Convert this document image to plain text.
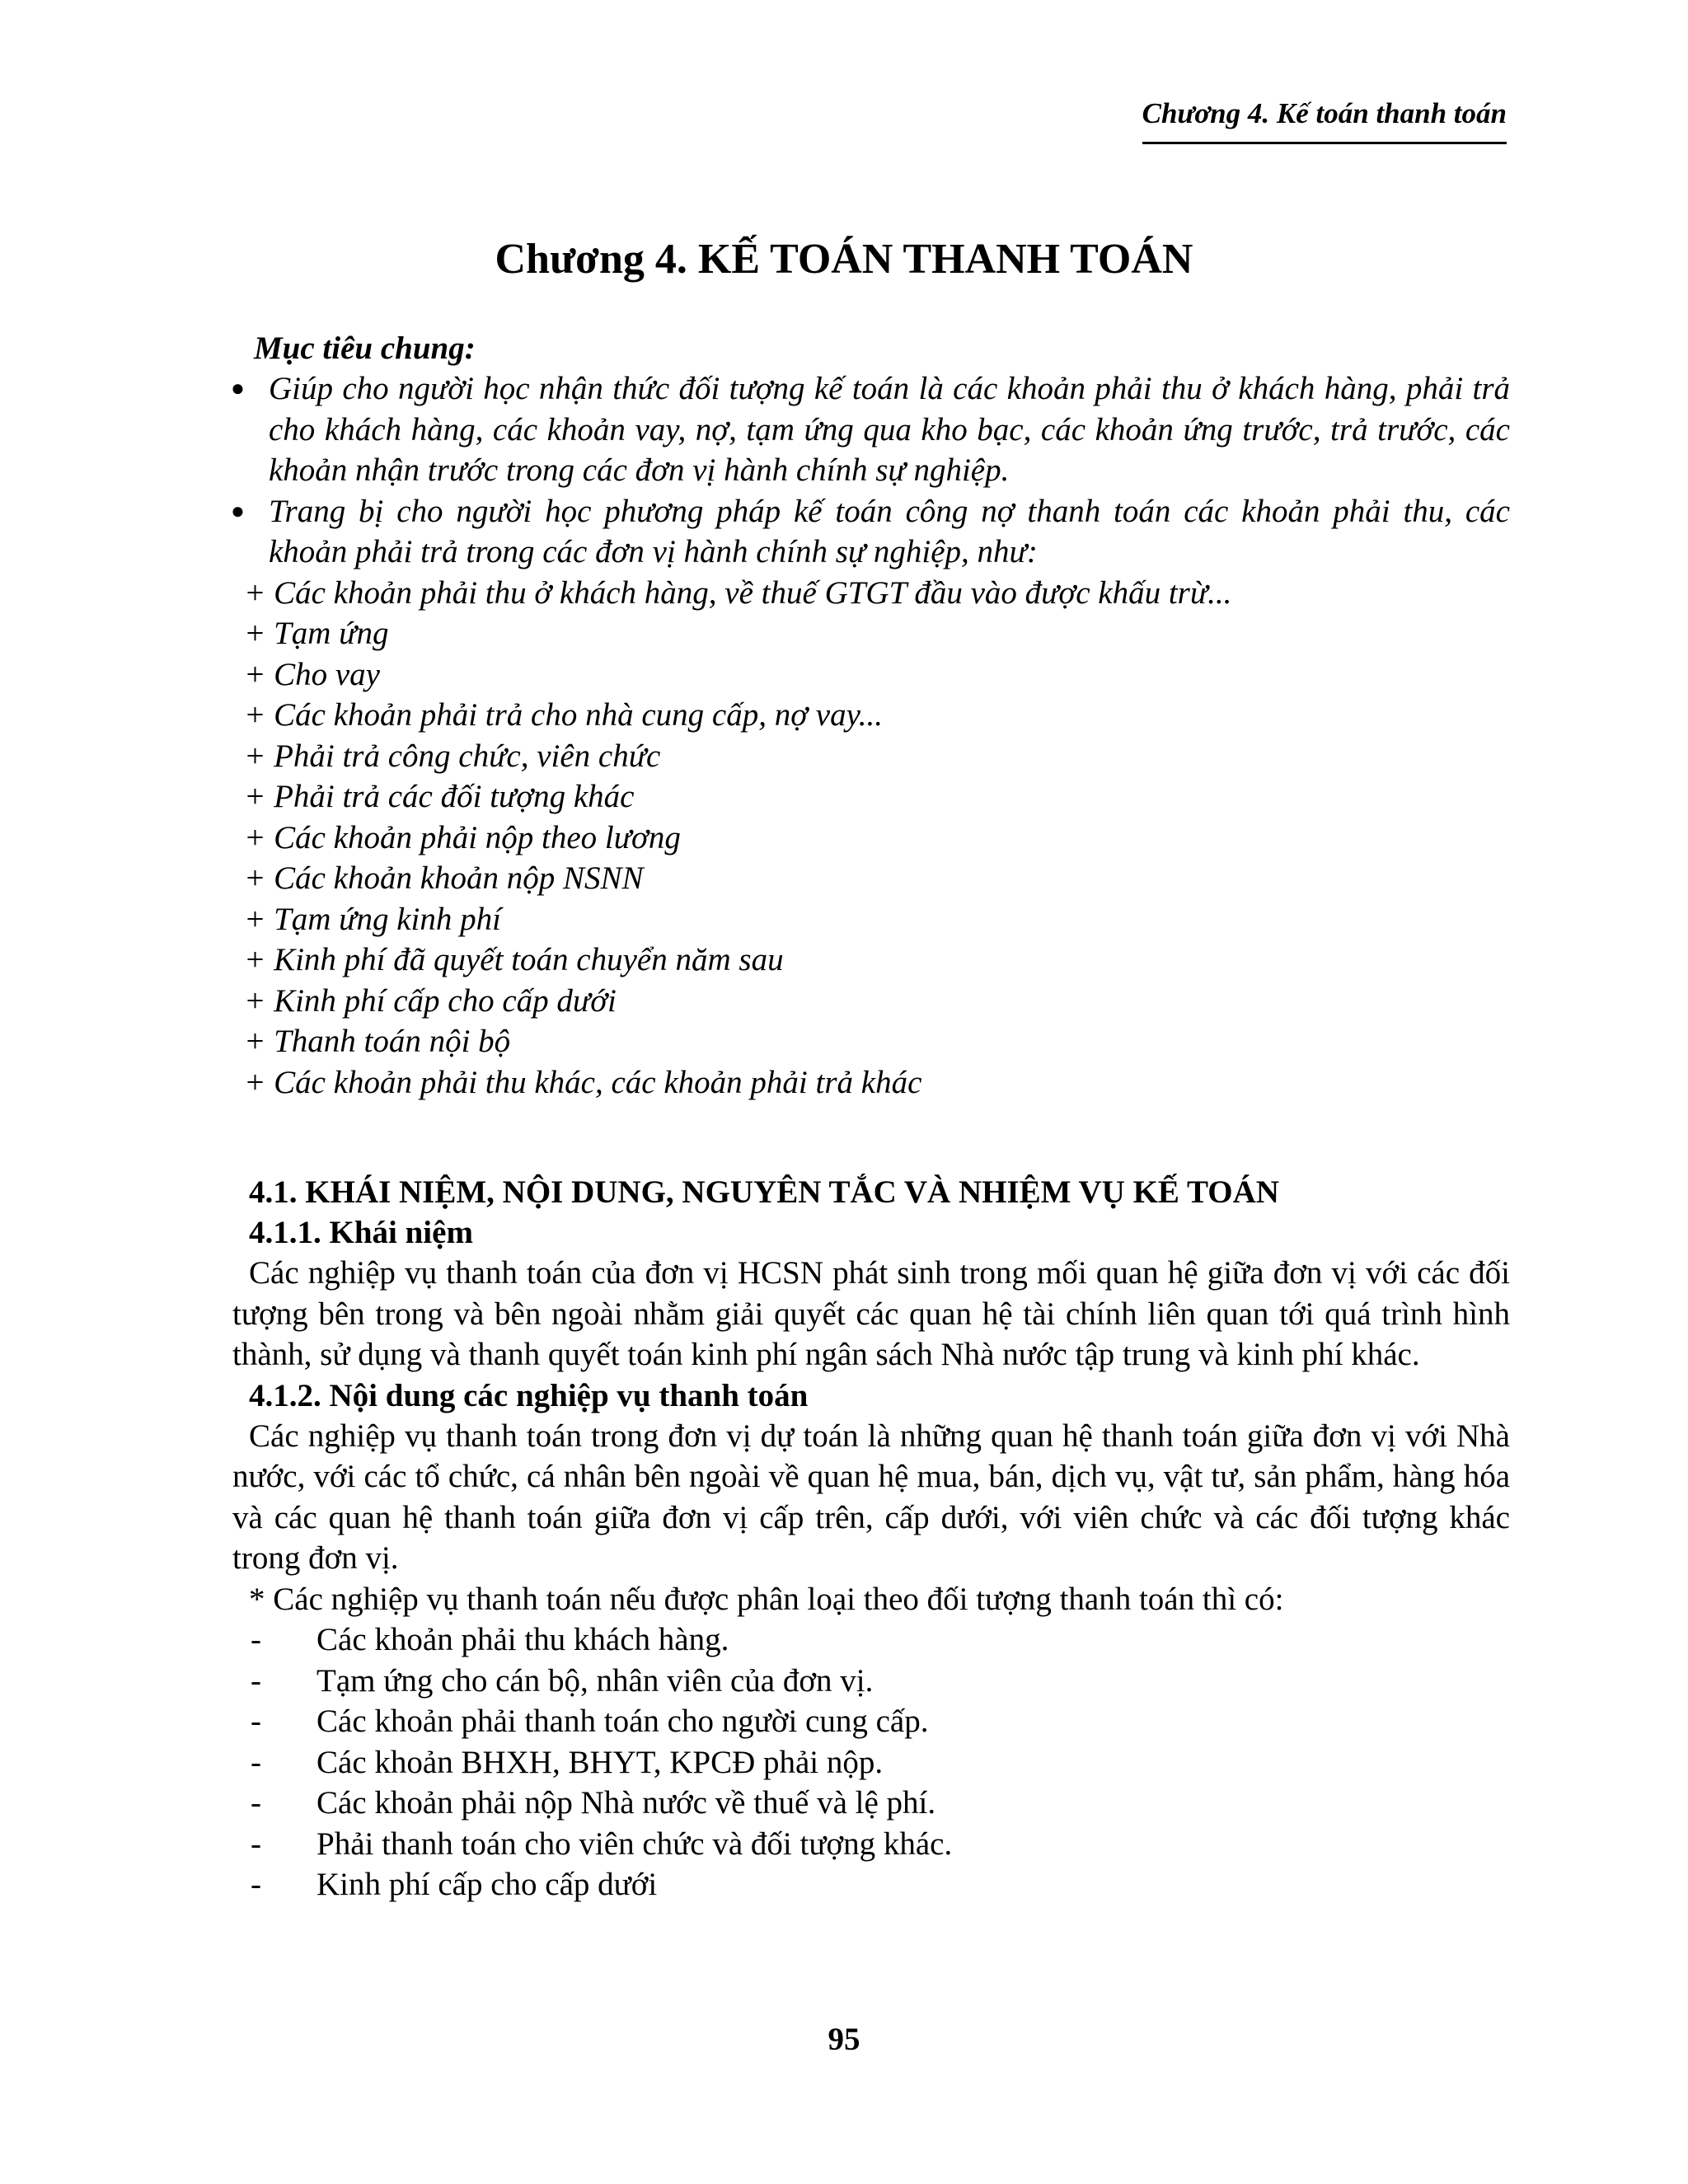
Chương 4. Kế toán thanh toán
Chương 4. KẾ TOÁN THANH TOÁN
Mục tiêu chung:
● Giúp cho người học nhận thức đối tượng kế toán là các khoản phải thu ở khách hàng, phải trả cho khách hàng, các khoản vay, nợ, tạm ứng qua kho bạc, các khoản ứng trước, trả trước, các khoản nhận trước trong các đơn vị hành chính sự nghiệp.
● Trang bị cho người học phương pháp kế toán công nợ thanh toán các khoản phải thu, các khoản phải trả trong các đơn vị hành chính sự nghiệp, như:
+ Các khoản phải thu ở khách hàng, về thuế GTGT đầu vào được khấu trừ...
+ Tạm ứng
+ Cho vay
+ Các khoản phải trả cho nhà cung cấp, nợ vay...
+ Phải trả công chức, viên chức
+ Phải trả các đối tượng khác
+ Các khoản phải nộp theo lương
+ Các khoản khoản nộp NSNN
+ Tạm ứng kinh phí
+ Kinh phí đã quyết toán chuyển năm sau
+ Kinh phí cấp cho cấp dưới
+ Thanh toán nội bộ
+ Các khoản phải thu khác, các khoản phải trả khác
4.1. KHÁI NIỆM, NỘI DUNG, NGUYÊN TẮC VÀ NHIỆM VỤ KẾ TOÁN
4.1.1. Khái niệm
Các nghiệp vụ thanh toán của đơn vị HCSN phát sinh trong mối quan hệ giữa đơn vị với các đối tượng bên trong và bên ngoài nhằm giải quyết các quan hệ tài chính liên quan tới quá trình hình thành, sử dụng và thanh quyết toán kinh phí ngân sách Nhà nước tập trung và kinh phí khác.
4.1.2. Nội dung các nghiệp vụ thanh toán
Các nghiệp vụ thanh toán trong đơn vị dự toán là những quan hệ thanh toán giữa đơn vị với Nhà nước, với các tổ chức, cá nhân bên ngoài về quan hệ mua, bán, dịch vụ, vật tư, sản phẩm, hàng hóa và các quan hệ thanh toán giữa đơn vị cấp trên, cấp dưới, với viên chức và các đối tượng khác trong đơn vị.
* Các nghiệp vụ thanh toán nếu được phân loại theo đối tượng thanh toán thì có:
- Các khoản phải thu khách hàng.
- Tạm ứng cho cán bộ, nhân viên của đơn vị.
- Các khoản phải thanh toán cho người cung cấp.
- Các khoản BHXH, BHYT, KPCĐ phải nộp.
- Các khoản phải nộp Nhà nước về thuế và lệ phí.
- Phải thanh toán cho viên chức và đối tượng khác.
- Kinh phí cấp cho cấp dưới
95
